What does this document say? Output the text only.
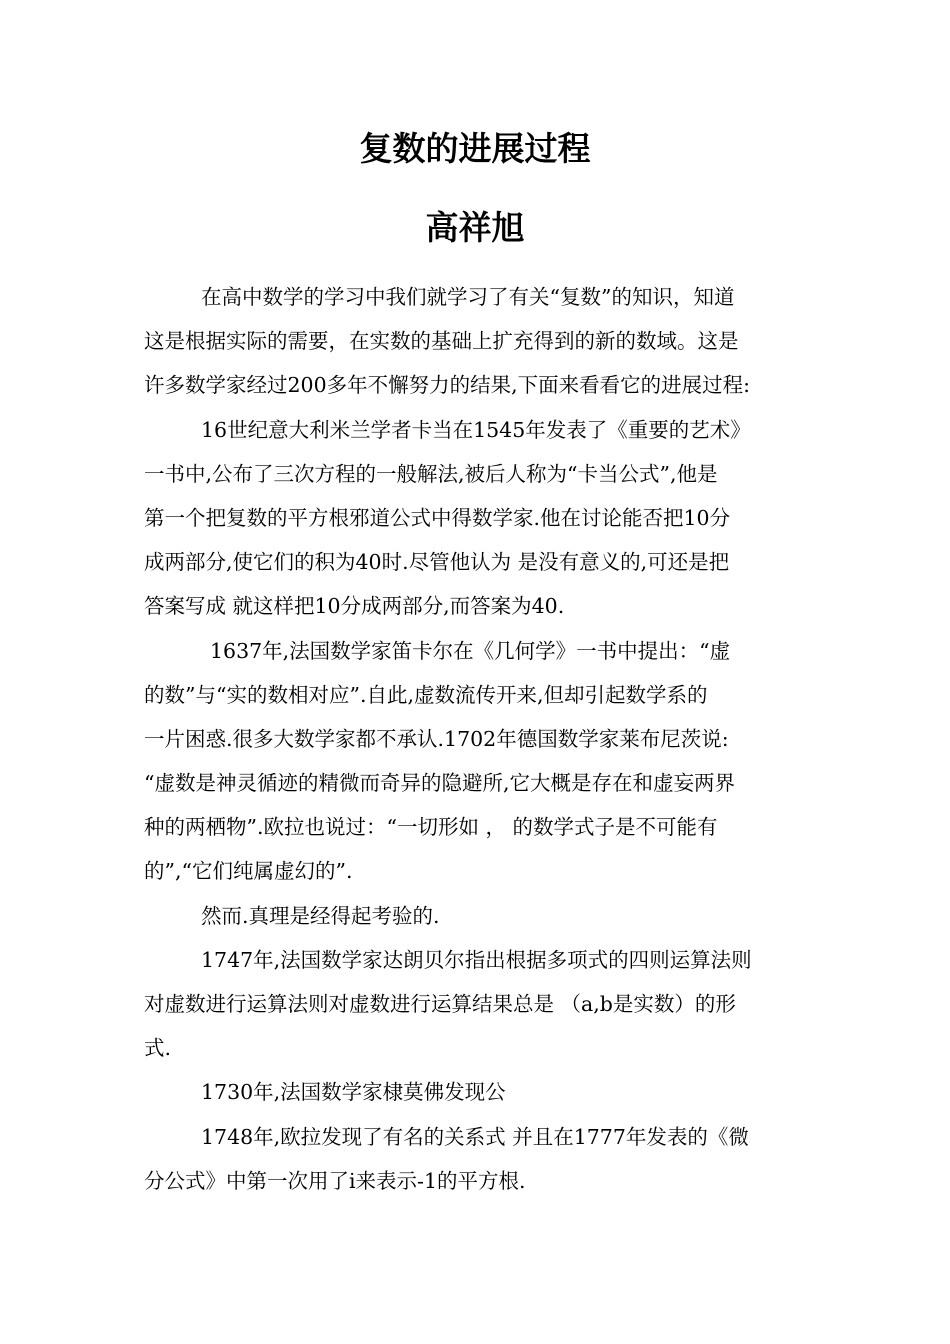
复数的进展过程
高祥旭
在高中数学的学习中我们就学习了有关“复数”的知识，知道
这是根据实际的需要，在实数的基础上扩充得到的新的数域。这是
许多数学家经过200多年不懈努力的结果,下面来看看它的进展过程:
16世纪意大利米兰学者卡当在1545年发表了《重要的艺术》
一书中,公布了三次方程的一般解法,被后人称为“卡当公式”,他是
第一个把复数的平方根邪道公式中得数学家.他在讨论能否把10分
成两部分,使它们的积为40时.尽管他认为 是没有意义的,可还是把
答案写成 就这样把10分成两部分,而答案为40.
1637年,法国数学家笛卡尔在《几何学》一书中提出：“虚
的数”与“实的数相对应”.自此,虚数流传开来,但却引起数学系的
一片困惑.很多大数学家都不承认.1702年德国数学家莱布尼茨说:
“虚数是神灵循迹的精微而奇异的隐避所,它大概是存在和虚妄两界
种的两栖物”.欧拉也说过：“一切形如 ， 的数学式子是不可能有
的”,“它们纯属虚幻的”.
然而.真理是经得起考验的.
1747年,法国数学家达朗贝尔指出根据多项式的四则运算法则
对虚数进行运算法则对虚数进行运算结果总是 （a,b是实数）的形
式.
1730年,法国数学家棣莫佛发现公
1748年,欧拉发现了有名的关系式 并且在1777年发表的《微
分公式》中第一次用了i来表示-1的平方根.
